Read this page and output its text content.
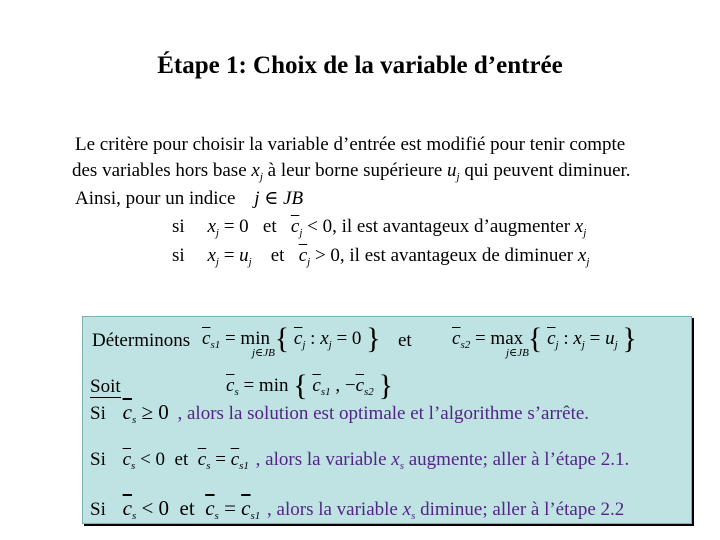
Étape 1: Choix de la variable d’entrée
Le critère pour choisir la variable d’entrée est modifié pour tenir compte
des variables hors base $x_j$ à leur borne supérieure $u_j$ qui peuvent diminuer.
Ainsi, pour un indice j ∈ JB
si $x_j = 0$   et   $\overline{c}_j < 0$, il est avantageux d’augmenter $x_j$
si $x_j = u_j$    et   $\overline{c}_j > 0$, il est avantageux de diminuer $x_j$
Déterminons $\overline{c}_{s1} = \min$ { $\overline{c}_j$ : $x_j = 0$ }
j∈JB
et $\overline{c}_{s2} = \max$ { $\overline{c}_j$ : $x_j = u_j$ }
j∈JB
Soit	$\overline{c}_s = \min$ { $\overline{c}_{s1}$ , $-\overline{c}_{s2}$ }
Si $\overline{c}_s \ge 0$ , alors la solution est optimale et l’algorithme s’arrête.
Si $\overline{c}_s < 0$  et  $\overline{c}_s = \overline{c}_{s1}$ , alors la variable $x_s$ augmente; aller à l’étape 2.1.
Si $\overline{c}_s < 0$  et  $\overline{c}_s = \overline{c}_{s1}$ , alors la variable $x_s$ diminue; aller à l’étape 2.2
